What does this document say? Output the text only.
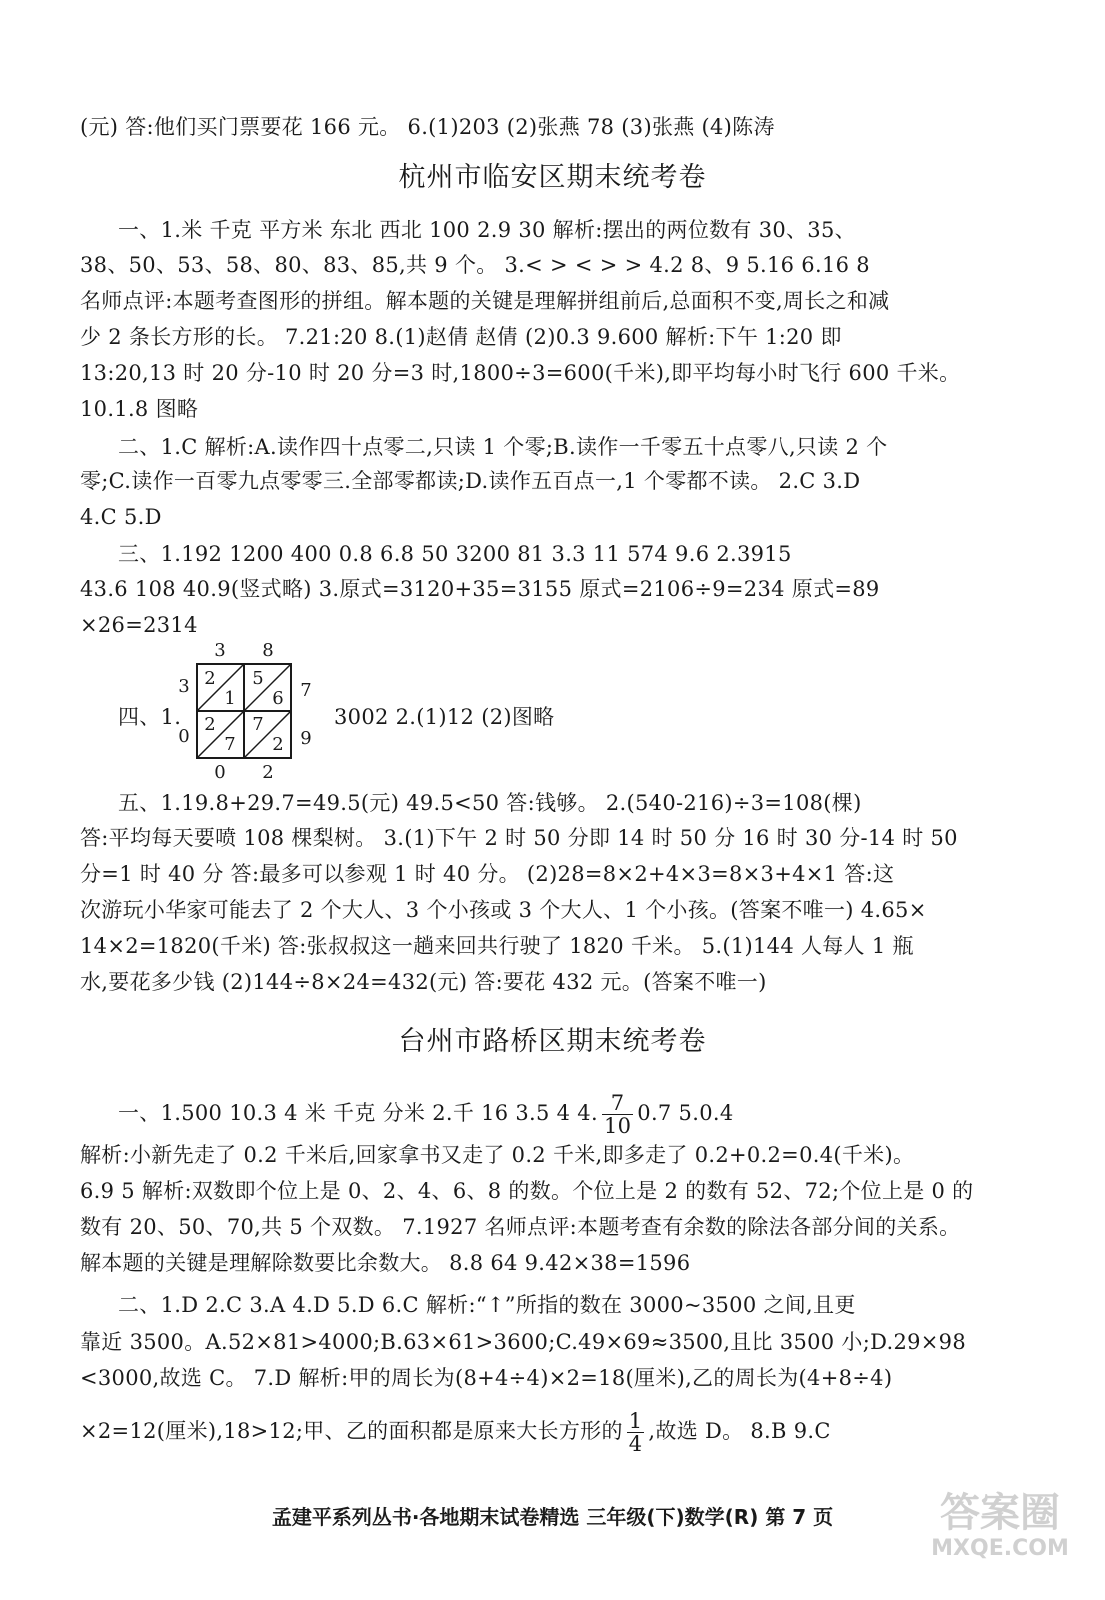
(元) 答:他们买门票要花 166 元。 6.(1)203 (2)张燕 78 (3)张燕 (4)陈涛
杭州市临安区期末统考卷
一、1.米 千克 平方米 东北 西北 100 2.9 30 解析:摆出的两位数有 30、35、
38、50、53、58、80、83、85,共 9 个。 3.< > < > > 4.2 8、9 5.16 6.16 8
名师点评:本题考查图形的拼组。解本题的关键是理解拼组前后,总面积不变,周长之和减
少 2 条长方形的长。 7.21:20 8.(1)赵倩 赵倩 (2)0.3 9.600 解析:下午 1:20 即
13:20,13 时 20 分-10 时 20 分=3 时,1800÷3=600(千米),即平均每小时飞行 600 千米。
10.1.8 图略
二、1.C 解析:A.读作四十点零二,只读 1 个零;B.读作一千零五十点零八,只读 2 个
零;C.读作一百零九点零零三.全部零都读;D.读作五百点一,1 个零都不读。 2.C 3.D
4.C 5.D
三、1.192 1200 400 0.8 6.8 50 3200 81 3.3 11 574 9.6 2.3915
43.6 108 40.9(竖式略) 3.原式=3120+35=3155 原式=2106÷9=234 原式=89
×26=2314
四、1.
3 8
3
0
7
9
0 2
2
1
5
6
2
7
7
2
3002 2.(1)12 (2)图略
五、1.19.8+29.7=49.5(元) 49.5<50 答:钱够。 2.(540-216)÷3=108(棵)
答:平均每天要喷 108 棵梨树。 3.(1)下午 2 时 50 分即 14 时 50 分 16 时 30 分-14 时 50
分=1 时 40 分 答:最多可以参观 1 时 40 分。 (2)28=8×2+4×3=8×3+4×1 答:这
次游玩小华家可能去了 2 个大人、3 个小孩或 3 个大人、1 个小孩。(答案不唯一) 4.65×
14×2=1820(千米) 答:张叔叔这一趟来回共行驶了 1820 千米。 5.(1)144 人每人 1 瓶
水,要花多少钱 (2)144÷8×24=432(元) 答:要花 432 元。(答案不唯一)
台州市路桥区期末统考卷
一、1.500 10.3 4 米 千克 分米 2.千 16 3.5 4 4. $\frac{7}{10} 0.7$ 5.0.4
解析:小新先走了 0.2 千米后,回家拿书又走了 0.2 千米,即多走了 0.2+0.2=0.4(千米)。
6.9 5 解析:双数即个位上是 0、2、4、6、8 的数。个位上是 2 的数有 52、72;个位上是 0 的
数有 20、50、70,共 5 个双数。 7.1927 名师点评:本题考查有余数的除法各部分间的关系。
解本题的关键是理解除数要比余数大。 8.8 64 9.42×38=1596
二、1.D 2.C 3.A 4.D 5.D 6.C 解析:“↑”所指的数在 3000~3500 之间,且更
靠近 3500。A.52×81>4000;B.63×61>3600;C.49×69≈3500,且比 3500 小;D.29×98
<3000,故选 C。 7.D 解析:甲的周长为(8+4÷4)×2=18(厘米),乙的周长为(4+8÷4)
×2=12(厘米),18>12;甲、乙的面积都是原来大长方形的 $\frac{1}{4}$ ,故选 D。 8.B 9.C
孟建平系列丛书·各地期末试卷精选 三年级(下)数学(R) 第 7 页	答案圈
MXQE.COM
